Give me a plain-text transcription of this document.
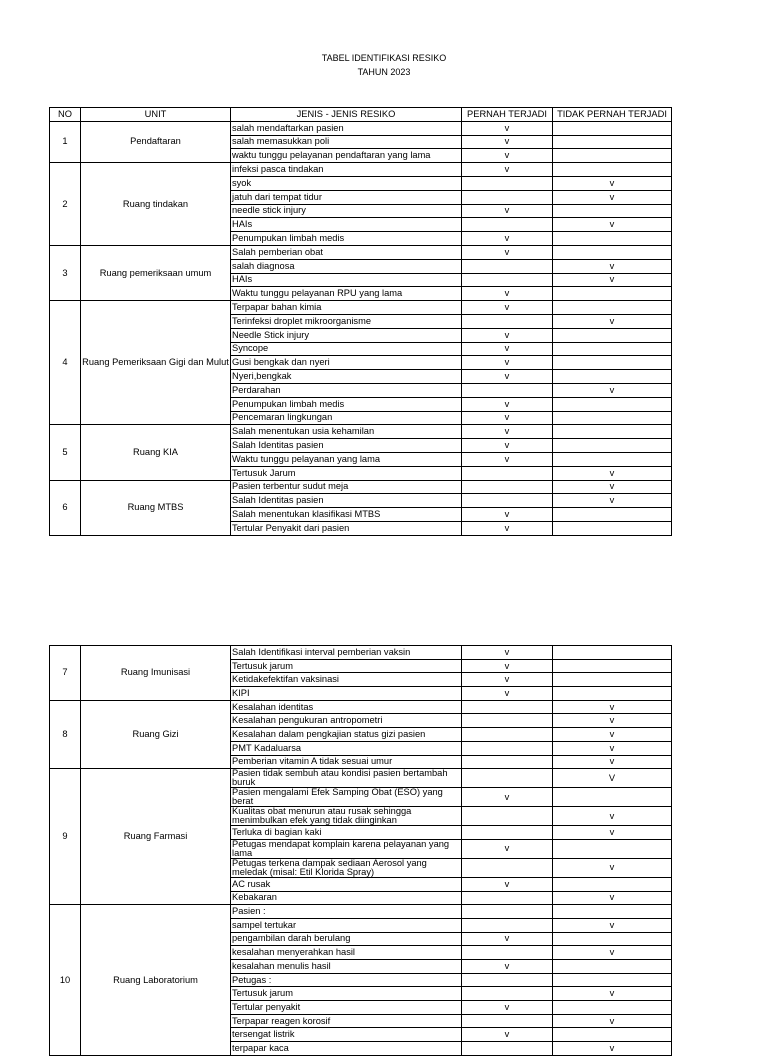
TABEL IDENTIFIKASI RESIKO
TAHUN 2023
NO	UNIT	JENIS - JENIS RESIKO	PERNAH TERJADI	TIDAK PERNAH TERJADI
1	Pendaftaran	salah mendaftarkan pasien	v	
		salah memasukkan poli	v	
		waktu tunggu pelayanan pendaftaran yang lama	v	
2	Ruang tindakan	infeksi pasca tindakan	v	
		syok		v
		jatuh dari tempat tidur		v
		needle stick injury	v	
		HAIs		v
		Penumpukan limbah medis	v	
3	Ruang pemeriksaan umum	Salah pemberian obat	v	
		salah diagnosa		v
		HAIs		v
		Waktu tunggu pelayanan RPU yang lama	v	
4	Ruang Pemeriksaan Gigi dan Mulut	Terpapar bahan kimia	v	
		Terinfeksi droplet mikroorganisme		v
		Needle Stick injury	v	
		Syncope	v	
		Gusi bengkak dan nyeri	v	
		Nyeri,bengkak	v	
		Perdarahan		v
		Penumpukan limbah medis	v	
		Pencemaran lingkungan	v	
5	Ruang KIA	Salah menentukan usia kehamilan	v	
		Salah Identitas pasien	v	
		Waktu tunggu pelayanan yang lama	v	
		Tertusuk Jarum		v
6	Ruang MTBS	Pasien terbentur sudut meja		v
		Salah Identitas pasien		v
		Salah menentukan klasifikasi MTBS	v	
		Tertular Penyakit dari pasien	v	
7	Ruang Imunisasi	Salah Identifikasi interval pemberian vaksin	v	
		Tertusuk jarum	v	
		Ketidakefektifan vaksinasi	v	
		KIPI	v	
8	Ruang Gizi	Kesalahan identitas		v
		Kesalahan pengukuran antropometri		v
		Kesalahan dalam pengkajian status gizi pasien		v
		PMT Kadaluarsa		v
		Pemberian vitamin A tidak sesuai umur		v
9	Ruang Farmasi	Pasien tidak sembuh atau kondisi pasien bertambah buruk		V
		Pasien mengalami Efek Samping Obat (ESO) yang berat	v	
		Kualitas obat menurun atau rusak sehingga menimbulkan efek yang tidak diinginkan		v
		Terluka di bagian kaki		v
		Petugas mendapat komplain karena pelayanan yang lama	v	
		Petugas terkena dampak sediaan Aerosol yang meledak (misal: Etil Klorida Spray)		v
		AC rusak	v	
		Kebakaran		v
10	Ruang Laboratorium	Pasien :		
		sampel tertukar		v
		pengambilan darah berulang	v	
		kesalahan menyerahkan hasil		v
		kesalahan menulis hasil	v	
		Petugas :		
		Tertusuk jarum		v
		Tertular penyakit	v	
		Terpapar reagen korosif		v
		tersengat listrik	v	
		terpapar kaca		v
